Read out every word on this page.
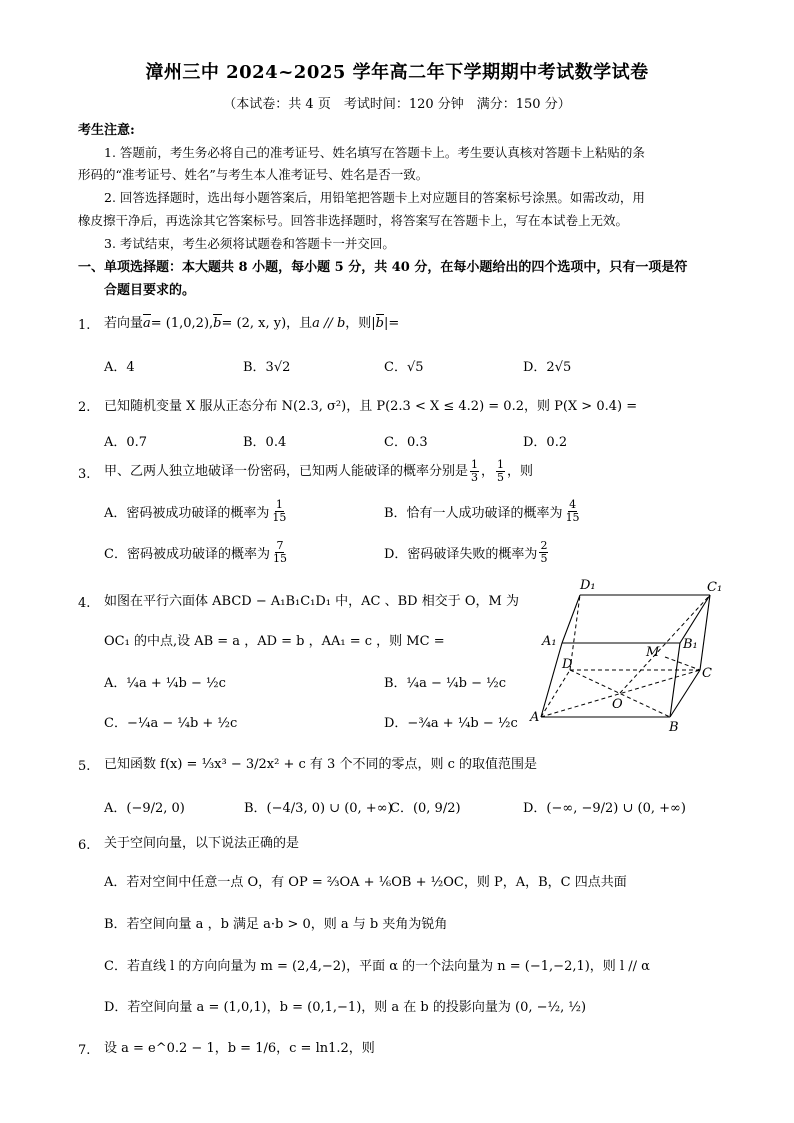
漳州三中 2024~2025 学年高二年下学期期中考试数学试卷
（本试卷：共 4 页　考试时间：120 分钟　满分：150 分）
考生注意:
1. 答题前，考生务必将自己的准考证号、姓名填写在答题卡上。考生要认真核对答题卡上粘贴的条
形码的“准考证号、姓名”与考生本人准考证号、姓名是否一致。
2. 回答选择题时，选出每小题答案后，用铅笔把答题卡上对应题目的答案标号涂黑。如需改动，用
橡皮擦干净后，再选涂其它答案标号。回答非选择题时，将答案写在答题卡上，写在本试卷上无效。
3. 考试结束，考生必须将试题卷和答题卡一并交回。
一、单项选择题：本大题共 8 小题，每小题 5 分，共 40 分，在每小题给出的四个选项中，只有一项是符
合题目要求的。
1. 若向量a= (1,0,2),b= (2, x, y)，且a // b，则|b|=
A．4	B．3√2	C．√5	D．2√5
2. 已知随机变量 X 服从正态分布 N(2.3, σ²)，且 P(2.3 < X ≤ 4.2) = 0.2，则 P(X > 0.4) =
A．0.7	B．0.4	C．0.3	D．0.2
3. 甲、乙两人独立地破译一份密码，已知两人能破译的概率分别是 $\frac{1}{3}$ ， $\frac{1}{5}$ ，则
A．密码被成功破译的概率为 $\frac{1}{15}$	B．恰有一人成功破译的概率为 $\frac{4}{15}$
C．密码被成功破译的概率为 $\frac{7}{15}$	D．密码破译失败的概率为 $\frac{2}{5}$
4. 如图在平行六面体 ABCD − A₁B₁C₁D₁ 中，AC 、BD 相交于 O，M 为
OC₁ 的中点,设 AB = a ，AD = b ，AA₁ = c ，则 MC =
A．¼a + ¼b − ½c	B．¼a − ¼b − ½c
C．−¼a − ¼b + ½c	D．−¾a + ¼b − ½c
D₁	C₁
A₁	B₁
D
C
A
B
O
M
5. 已知函数 f(x) = ⅓x³ − 3/2x² + c 有 3 个不同的零点，则 c 的取值范围是
A．(−9/2, 0)	B．(−4/3, 0) ∪ (0, +∞)
C．(0, 9/2)	D．(−∞, −9/2) ∪ (0, +∞)
6. 关于空间向量，以下说法正确的是
A．若对空间中任意一点 O，有 OP = ⅔OA + ⅙OB + ½OC，则 P，A，B，C 四点共面
B．若空间向量 a ，b 满足 a·b > 0，则 a 与 b 夹角为锐角
C．若直线 l 的方向向量为 m = (2,4,−2)，平面 α 的一个法向量为 n = (−1,−2,1)，则 l // α
D．若空间向量 a = (1,0,1)，b = (0,1,−1)，则 a 在 b 的投影向量为 (0, −½, ½)
7. 设 a = e^0.2 − 1，b = 1/6，c = ln1.2，则
